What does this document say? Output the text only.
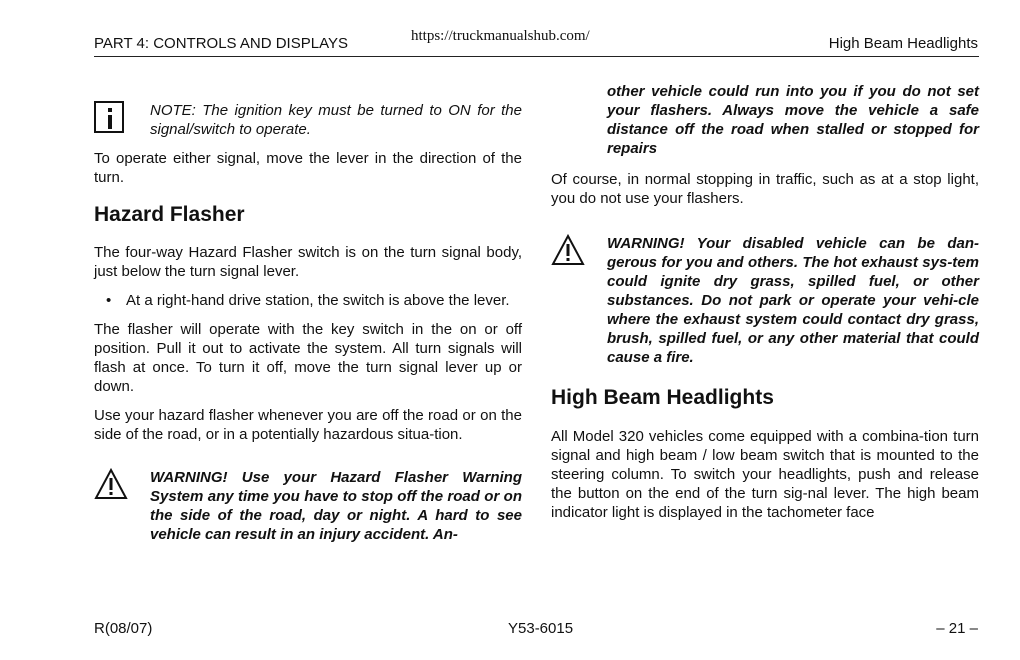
PART 4: CONTROLS AND DISPLAYS	https://truckmanualshub.com/	High Beam Headlights

NOTE: The ignition key must be turned to ON for the signal/switch to operate.

To operate either signal, move the lever in the direction of the turn.

Hazard Flasher

The four-way Hazard Flasher switch is on the turn signal body, just below the turn signal lever.

• At a right-hand drive station, the switch is above the lever.

The flasher will operate with the key switch in the on or off position. Pull it out to activate the system. All turn signals will flash at once. To turn it off, move the turn signal lever up or down.

Use your hazard flasher whenever you are off the road or on the side of the road, or in a potentially hazardous situa-tion.

WARNING! Use your Hazard Flasher Warning System any time you have to stop off the road or on the side of the road, day or night. A hard to see vehicle can result in an injury accident. An-

other vehicle could run into you if you do not set your flashers. Always move the vehicle a safe distance off the road when stalled or stopped for repairs

Of course, in normal stopping in traffic, such as at a stop light, you do not use your flashers.

WARNING! Your disabled vehicle can be dan-gerous for you and others. The hot exhaust sys-tem could ignite dry grass, spilled fuel, or other substances. Do not park or operate your vehi-cle where the exhaust system could contact dry grass, brush, spilled fuel, or any other material that could cause a fire.

High Beam Headlights

All Model 320 vehicles come equipped with a combina-tion turn signal and high beam / low beam switch that is mounted to the steering column. To switch your headlights, push and release the button on the end of the turn sig-nal lever. The high beam indicator light is displayed in the tachometer face

R(08/07)	Y53-6015	– 21 –
